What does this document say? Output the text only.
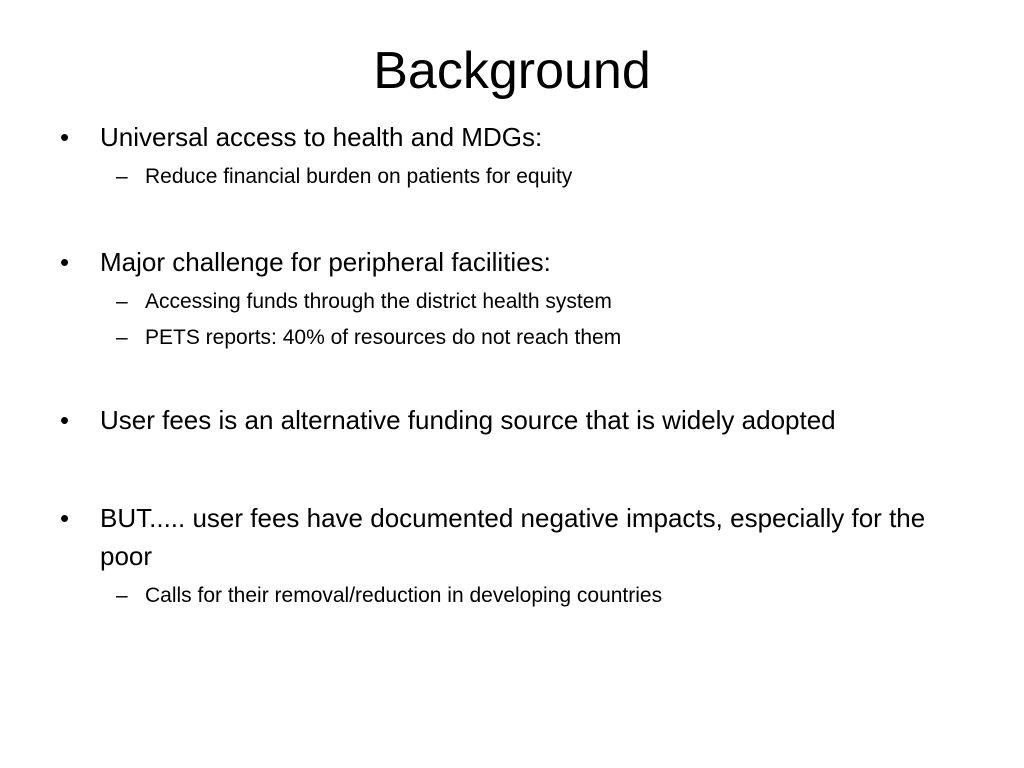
Background
•	Universal access to health and MDGs:
– Reduce financial burden on patients for equity
•	Major challenge for peripheral facilities:
– Accessing funds through the district health system
– PETS reports: 40% of resources do not reach them
•	User fees is an alternative funding source that is widely adopted
•	BUT..... user fees have documented negative impacts, especially for the poor
– Calls for their removal/reduction in developing countries
